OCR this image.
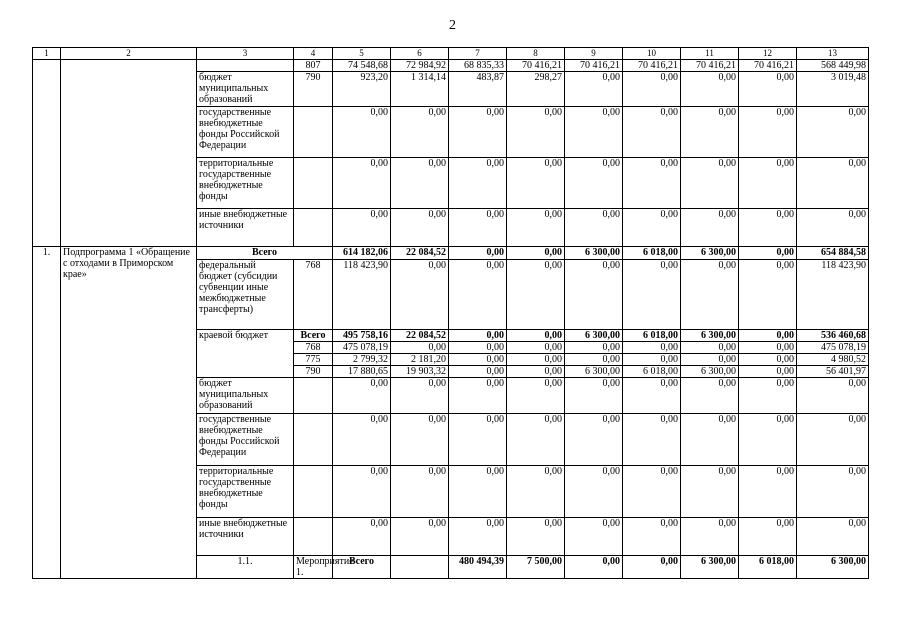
2
1	2	3	4	5	6	7	8	9	10	11	12	13	
			807	74 548,68	72 984,92	68 835,33	70 416,21	70 416,21	70 416,21	70 416,21	70 416,21	568 449,98	
		бюджет муниципальных образований	790	923,20	1 314,14	483,87	298,27	0,00	0,00	0,00	0,00	3 019,48	
		государственные внебюджетные фонды Российской Федерации		0,00	0,00	0,00	0,00	0,00	0,00	0,00	0,00	0,00	
		территориальные государственные внебюджетные фонды		0,00	0,00	0,00	0,00	0,00	0,00	0,00	0,00	0,00	
		иные внебюджетные источники		0,00	0,00	0,00	0,00	0,00	0,00	0,00	0,00	0,00	
1.	Подпрограмма 1 «Обращение с отходами в Приморском крае»	Всего		614 182,06	22 084,52	0,00	0,00	6 300,00	6 018,00	6 300,00	0,00	654 884,58	
		федеральный бюджет (субсидии субвенции иные межбюджетные трансферты)	768	118 423,90	0,00	0,00	0,00	0,00	0,00	0,00	0,00	118 423,90	
		краевой бюджет	Всего	495 758,16	22 084,52	0,00	0,00	6 300,00	6 018,00	6 300,00	0,00	536 460,68	
			768	475 078,19	0,00	0,00	0,00	0,00	0,00	0,00	0,00	475 078,19	
			775	2 799,32	2 181,20	0,00	0,00	0,00	0,00	0,00	0,00	4 980,52	
			790	17 880,65	19 903,32	0,00	0,00	6 300,00	6 018,00	6 300,00	0,00	56 401,97	
		бюджет муниципальных образований		0,00	0,00	0,00	0,00	0,00	0,00	0,00	0,00	0,00	
		государственные внебюджетные фонды Российской Федерации		0,00	0,00	0,00	0,00	0,00	0,00	0,00	0,00	0,00	
		территориальные государственные внебюджетные фонды		0,00	0,00	0,00	0,00	0,00	0,00	0,00	0,00	0,00	
		иные внебюджетные источники		0,00	0,00	0,00	0,00	0,00	0,00	0,00	0,00	0,00	
		1.1.	Мероприятие 1.	Всего		480 494,39	7 500,00	0,00	0,00	6 300,00	6 018,00	6 300,00		
